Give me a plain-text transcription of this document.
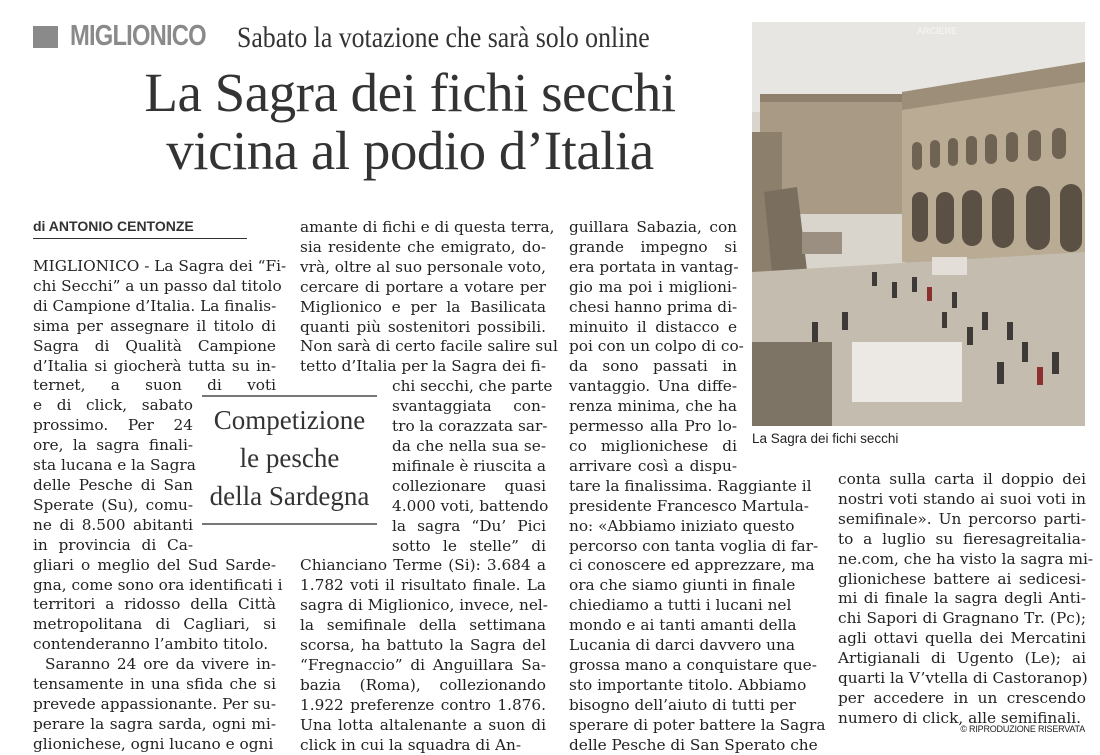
MIGLIONICO Sabato la votazione che sarà solo online
La Sagra dei fichi secchi
vicina al podio d’Italia
di ANTONIO CENTONZE
MIGLIONICO - La Sagra dei “Fi-
chi Secchi” a un passo dal titolo
di Campione d’Italia. La finalis-
sima per assegnare il titolo di
Sagra di Qualità Campione
d’Italia si giocherà tutta su in-
ternet, a suon di voti
e di click, sabato
prossimo. Per 24
ore, la sagra finali-
sta lucana e la Sagra
delle Pesche di San
Sperate (Su), comu-
ne di 8.500 abitanti
in provincia di Ca-
gliari o meglio del Sud Sarde-
gna, come sono ora identificati i
territori a ridosso della Città
metropolitana di Cagliari, si
contenderanno l’ambito titolo.
Saranno 24 ore da vivere in-
tensamente in una sfida che si
prevede appassionante. Per su-
perare la sagra sarda, ogni mi-
glionichese, ogni lucano e ogni
amante di fichi e di questa terra,
sia residente che emigrato, do-
vrà, oltre al suo personale voto,
cercare di portare a votare per
Miglionico e per la Basilicata
quanti più sostenitori possibili.
Non sarà di certo facile salire sul
tetto d’Italia per la Sagra dei fi-
chi secchi, che parte
svantaggiata con-
tro la corazzata sar-
da che nella sua se-
mifinale è riuscita a
collezionare quasi
4.000 voti, battendo
la sagra “Du’ Pici
sotto le stelle” di
Chianciano Terme (Si): 3.684 a
1.782 voti il risultato finale. La
sagra di Miglionico, invece, nel-
la semifinale della settimana
scorsa, ha battuto la Sagra del
“Fregnaccio” di Anguillara Sa-
bazia (Roma), collezionando
1.922 preferenze contro 1.876.
Una lotta altalenante a suon di
click in cui la squadra di An-
guillara Sabazia, con
grande impegno si
era portata in vantag-
gio ma poi i miglioni-
chesi hanno prima di-
minuito il distacco e
poi con un colpo di co-
da sono passati in
vantaggio. Una diffe-
renza minima, che ha
permesso alla Pro lo-
co miglionichese di
arrivare così a dispu-
tare la finalissima. Raggiante il
presidente Francesco Martula-
no: «Abbiamo iniziato questo
percorso con tanta voglia di far-
ci conoscere ed apprezzare, ma
ora che siamo giunti in finale
chiediamo a tutti i lucani nel
mondo e ai tanti amanti della
Lucania di darci davvero una
grossa mano a conquistare que-
sto importante titolo. Abbiamo
bisogno dell’aiuto di tutti per
sperare di poter battere la Sagra
delle Pesche di San Sperato che
conta sulla carta il doppio dei
nostri voti stando ai suoi voti in
semifinale». Un percorso parti-
to a luglio su fieresagreitalia-
ne.com, che ha visto la sagra mi-
glionichese battere ai sedicesi-
mi di finale la sagra degli Anti-
chi Sapori di Gragnano Tr. (Pc);
agli ottavi quella dei Mercatini
Artigianali di Ugento (Le); ai
quarti la V’vtella di Castoranop)
per accedere in un crescendo
numero di click, alle semifinali.
Competizione
le pesche
della Sardegna
ARCIERE
La Sagra dei fichi secchi
© RIPRODUZIONE RISERVATA
